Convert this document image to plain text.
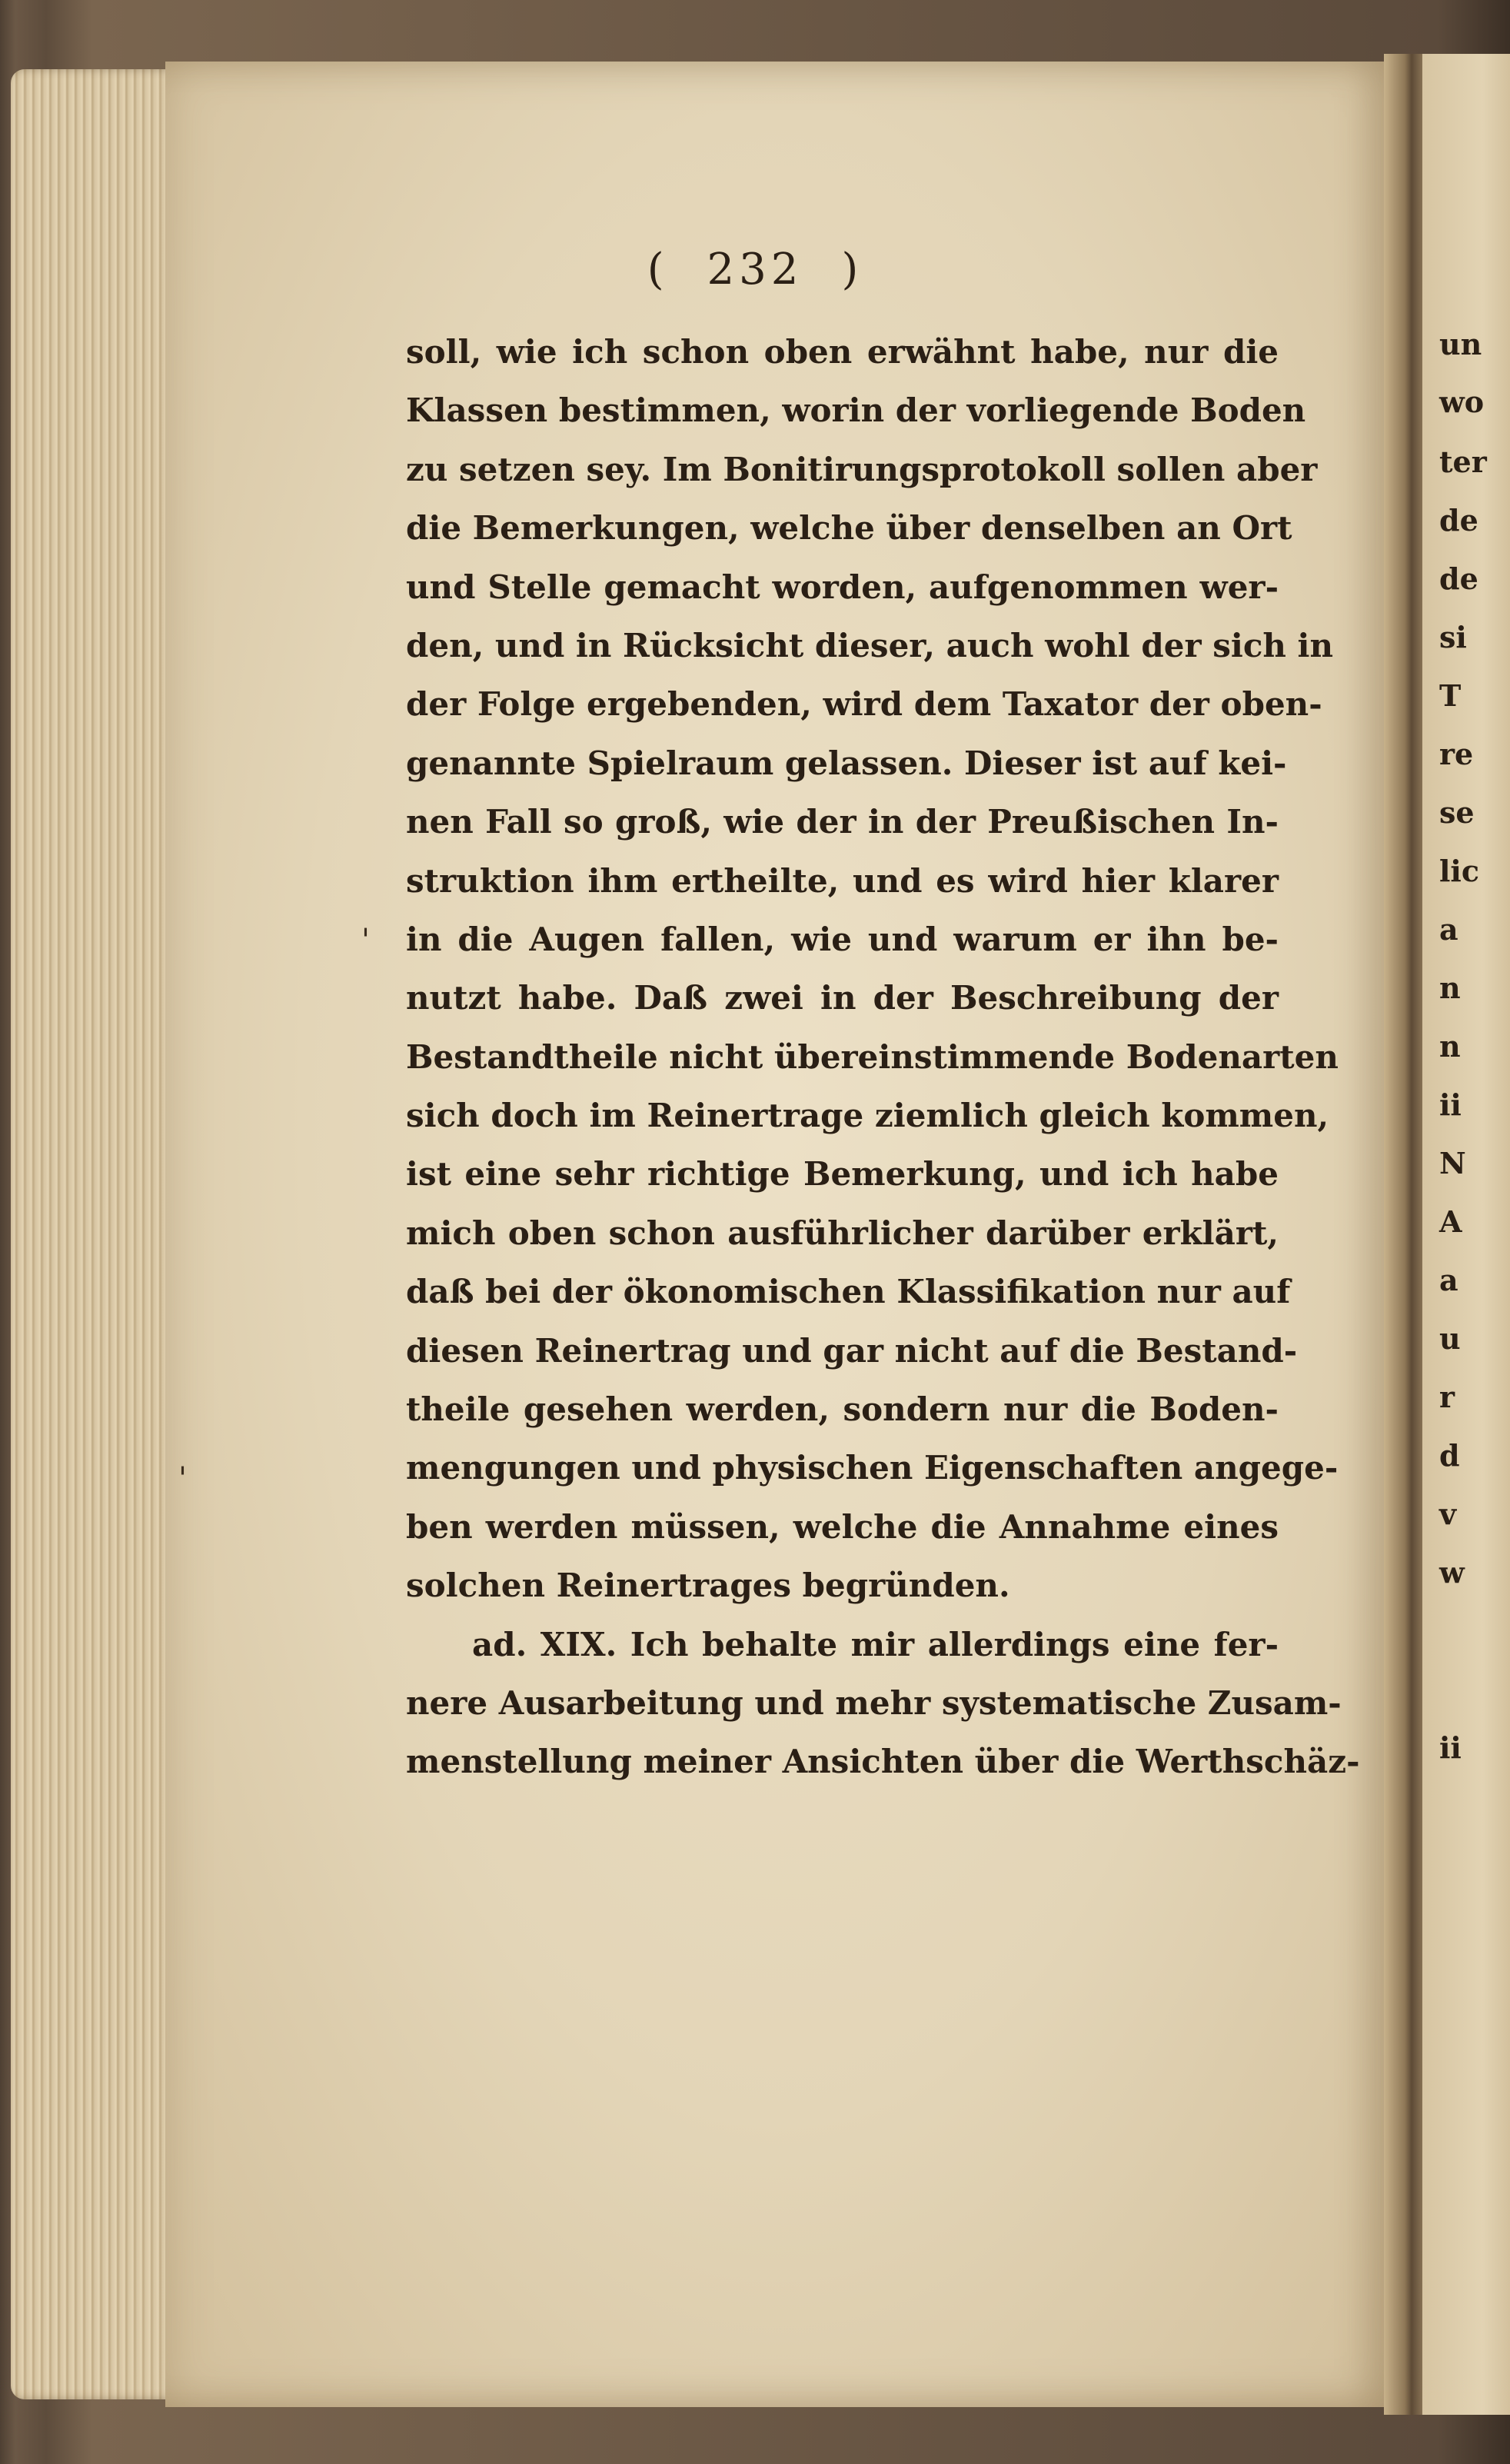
un
wo
ter
de
de
si
T
re
se
lic
a
n
n
ii
N
A
a
u
r
d
v
w
ii
( 232 )
'
'
soll, wie ich schon oben erwähnt habe, nur die
Klassen bestimmen, worin der vorliegende Boden
zu setzen sey. Im Bonitirungsprotokoll sollen aber
die Bemerkungen, welche über denselben an Ort
und Stelle gemacht worden, aufgenommen wer-
den, und in Rücksicht dieser, auch wohl der sich in
der Folge ergebenden, wird dem Taxator der oben-
genannte Spielraum gelassen. Dieser ist auf kei-
nen Fall so groß, wie der in der Preußischen In-
struktion ihm ertheilte, und es wird hier klarer
in die Augen fallen, wie und warum er ihn be-
nutzt habe. Daß zwei in der Beschreibung der
Bestandtheile nicht übereinstimmende Bodenarten
sich doch im Reinertrage ziemlich gleich kommen,
ist eine sehr richtige Bemerkung, und ich habe
mich oben schon ausführlicher darüber erklärt,
daß bei der ökonomischen Klassifikation nur auf
diesen Reinertrag und gar nicht auf die Bestand-
theile gesehen werden, sondern nur die Boden-
mengungen und physischen Eigenschaften angege-
ben werden müssen, welche die Annahme eines
solchen Reinertrages begründen.
ad. XIX. Ich behalte mir allerdings eine fer-
nere Ausarbeitung und mehr systematische Zusam-
menstellung meiner Ansichten über die Werthschäz-
